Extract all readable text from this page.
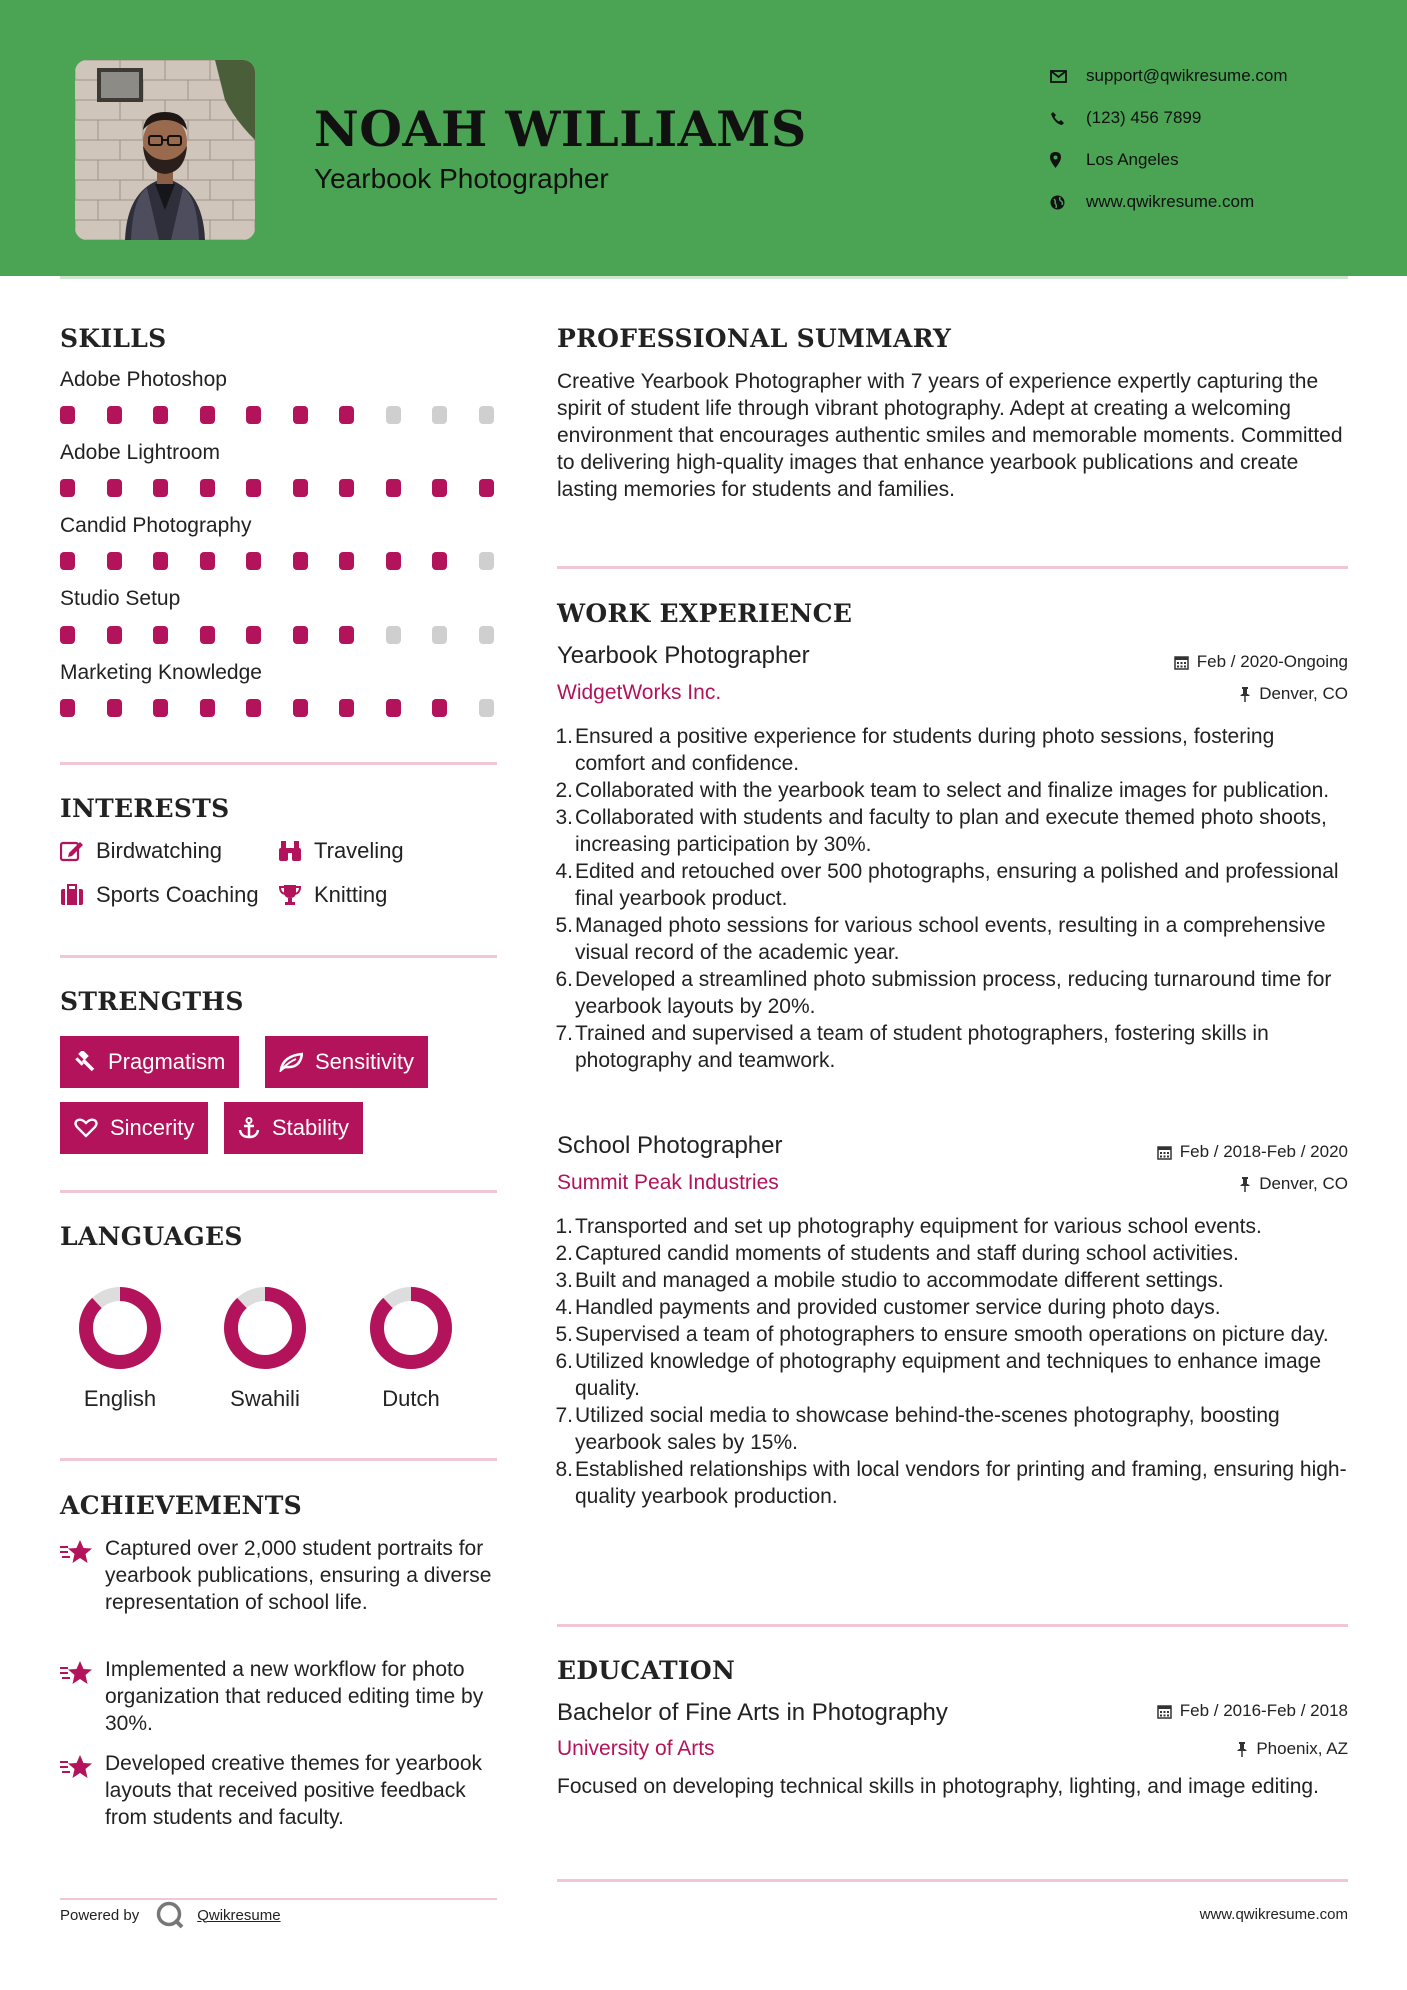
NOAH WILLIAMS
Yearbook Photographer
support@qwikresume.com
(123) 456 7899
Los Angeles
www.qwikresume.com
SKILLS
Adobe Photoshop
Adobe Lightroom
Candid Photography
Studio Setup
Marketing Knowledge
INTERESTS
Birdwatching	Traveling
Sports Coaching	Knitting
STRENGTHS
Pragmatism	Sensitivity
Sincerity	Stability
LANGUAGES
English	Swahili	Dutch
ACHIEVEMENTS
Captured over 2,000 student portraits for yearbook publications, ensuring a diverse representation of school life.
Implemented a new workflow for photo organization that reduced editing time by 30%.
Developed creative themes for yearbook layouts that received positive feedback from students and faculty.
PROFESSIONAL SUMMARY
Creative Yearbook Photographer with 7 years of experience expertly capturing the spirit of student life through vibrant photography. Adept at creating a welcoming environment that encourages authentic smiles and memorable moments. Committed to delivering high-quality images that enhance yearbook publications and create lasting memories for students and families.
WORK EXPERIENCE
Yearbook Photographer	Feb / 2020-Ongoing
WidgetWorks Inc.	Denver, CO
1. Ensured a positive experience for students during photo sessions, fostering comfort and confidence.
2. Collaborated with the yearbook team to select and finalize images for publication.
3. Collaborated with students and faculty to plan and execute themed photo shoots, increasing participation by 30%.
4. Edited and retouched over 500 photographs, ensuring a polished and professional final yearbook product.
5. Managed photo sessions for various school events, resulting in a comprehensive visual record of the academic year.
6. Developed a streamlined photo submission process, reducing turnaround time for yearbook layouts by 20%.
7. Trained and supervised a team of student photographers, fostering skills in photography and teamwork.
School Photographer	Feb / 2018-Feb / 2020
Summit Peak Industries	Denver, CO
1. Transported and set up photography equipment for various school events.
2. Captured candid moments of students and staff during school activities.
3. Built and managed a mobile studio to accommodate different settings.
4. Handled payments and provided customer service during photo days.
5. Supervised a team of photographers to ensure smooth operations on picture day.
6. Utilized knowledge of photography equipment and techniques to enhance image quality.
7. Utilized social media to showcase behind-the-scenes photography, boosting yearbook sales by 15%.
8. Established relationships with local vendors for printing and framing, ensuring high-quality yearbook production.
EDUCATION
Bachelor of Fine Arts in Photography	Feb / 2016-Feb / 2018
University of Arts	Phoenix, AZ
Focused on developing technical skills in photography, lighting, and image editing.
Powered by	Qwikresume	www.qwikresume.com
